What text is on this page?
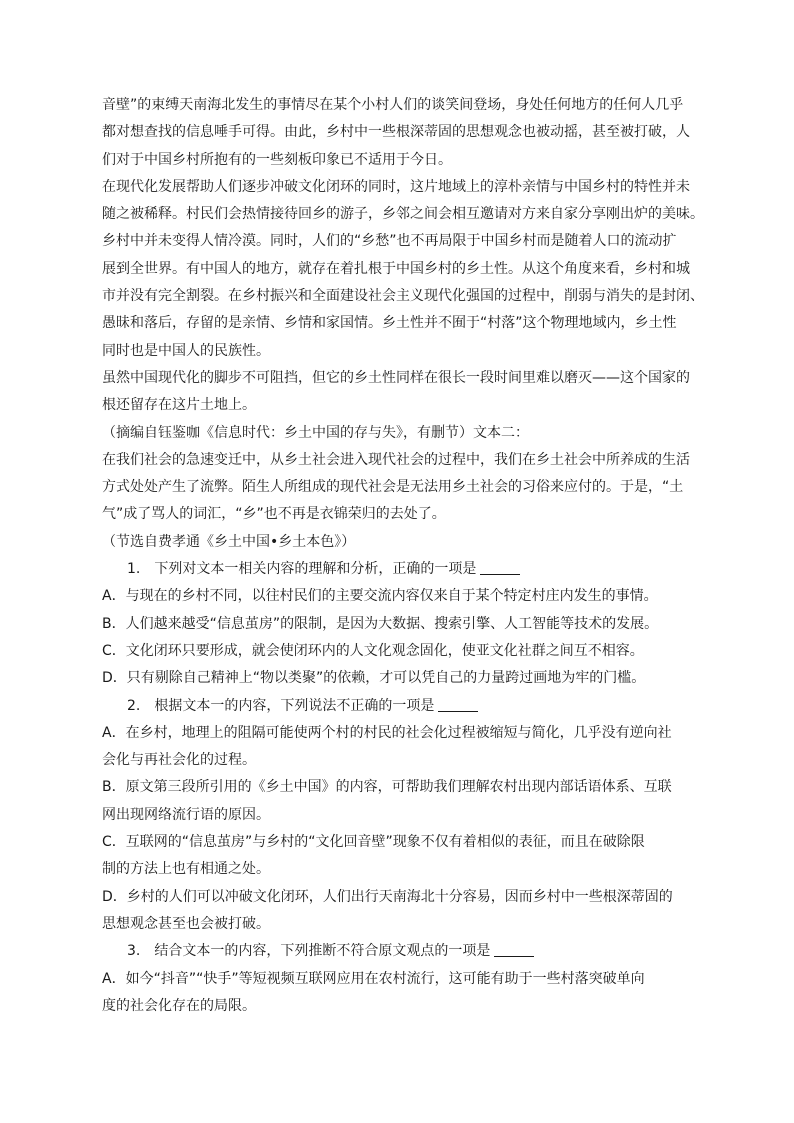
音壁”的束缚天南海北发生的事情尽在某个小村人们的谈笑间登场，身处任何地方的任何人几乎
都对想查找的信息唾手可得。由此，乡村中一些根深蒂固的思想观念也被动摇，甚至被打破，人
们对于中国乡村所抱有的一些刻板印象已不适用于今日。
在现代化发展帮助人们逐步冲破文化闭环的同时，这片地域上的淳朴亲情与中国乡村的特性并未
随之被稀释。村民们会热情接待回乡的游子，乡邻之间会相互邀请对方来自家分享刚出炉的美味。
乡村中并未变得人情冷漠。同时，人们的“乡愁”也不再局限于中国乡村而是随着人口的流动扩
展到全世界。有中国人的地方，就存在着扎根于中国乡村的乡土性。从这个角度来看，乡村和城
市并没有完全割裂。在乡村振兴和全面建设社会主义现代化强国的过程中，削弱与消失的是封闭、
愚昧和落后，存留的是亲情、乡情和家国情。乡土性并不囿于“村落”这个物理地域内，乡土性
同时也是中国人的民族性。
虽然中国现代化的脚步不可阻挡，但它的乡土性同样在很长一段时间里难以磨灭——这个国家的
根还留存在这片土地上。
（摘编自钰鉴咖《信息时代：乡土中国的存与失》，有删节）文本二：
在我们社会的急速变迁中，从乡土社会进入现代社会的过程中，我们在乡土社会中所养成的生活
方式处处产生了流弊。陌生人所组成的现代社会是无法用乡土社会的习俗来应付的。于是，“土
气”成了骂人的词汇，“乡”也不再是衣锦荣归的去处了。
（节选自费孝通《乡土中国•乡土本色》）
1.　下列对文本一相关内容的理解和分析，正确的一项是
A．与现在的乡村不同，以往村民们的主要交流内容仅来自于某个特定村庄内发生的事情。
B．人们越来越受“信息茧房”的限制，是因为大数据、搜索引擎、人工智能等技术的发展。
C．文化闭环只要形成，就会使闭环内的人文化观念固化，使亚文化社群之间互不相容。
D．只有剔除自己精神上“物以类聚”的依赖，才可以凭自己的力量跨过画地为牢的门槛。
2.　根据文本一的内容，下列说法不正确的一项是
A．在乡村，地理上的阻隔可能使两个村的村民的社会化过程被缩短与简化，几乎没有逆向社
会化与再社会化的过程。
B．原文第三段所引用的《乡土中国》的内容，可帮助我们理解农村出现内部话语体系、互联
网出现网络流行语的原因。
C．互联网的“信息茧房”与乡村的“文化回音壁”现象不仅有着相似的表征，而且在破除限
制的方法上也有相通之处。
D．乡村的人们可以冲破文化闭环，人们出行天南海北十分容易，因而乡村中一些根深蒂固的
思想观念甚至也会被打破。
3.　结合文本一的内容，下列推断不符合原文观点的一项是
A．如今“抖音”“快手”等短视频互联网应用在农村流行，这可能有助于一些村落突破单向
度的社会化存在的局限。
